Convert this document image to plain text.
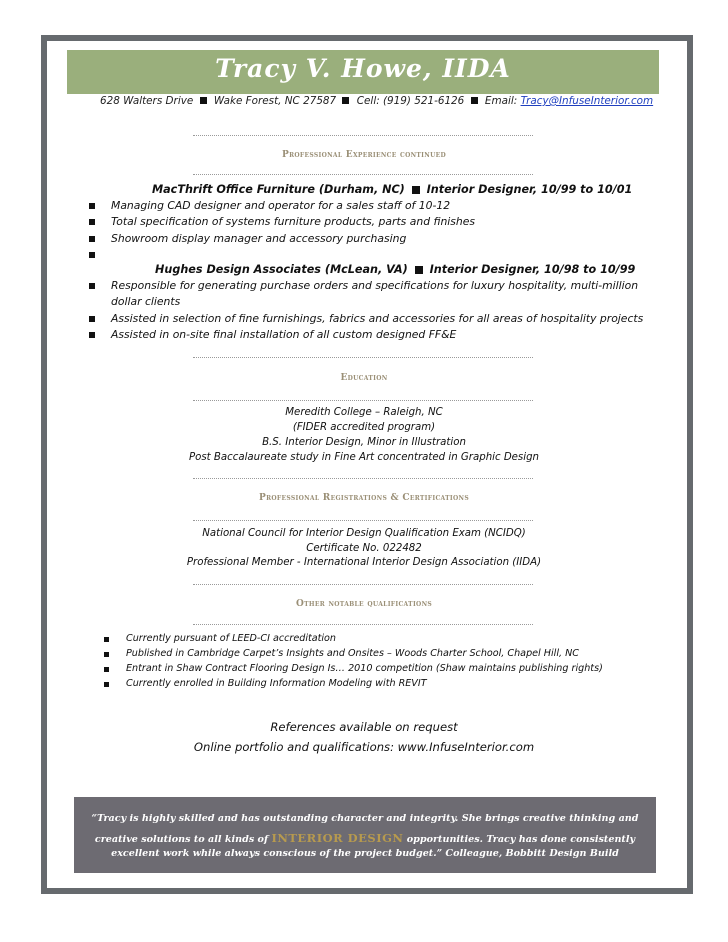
Tracy V. Howe, IIDA
628 Walters Drive Wake Forest, NC 27587 Cell: (919) 521-6126 Email: Tracy@InfuseInterior.com
Professional Experience continued
MacThrift Office Furniture (Durham, NC) Interior Designer, 10/99 to 10/01
Managing CAD designer and operator for a sales staff of 10-12
Total specification of systems furniture products, parts and finishes
Showroom display manager and accessory purchasing
Hughes Design Associates (McLean, VA) Interior Designer, 10/98 to 10/99
Responsible for generating purchase orders and specifications for luxury hospitality, multi-million dollar clients
Assisted in selection of fine furnishings, fabrics and accessories for all areas of hospitality projects
Assisted in on-site final installation of all custom designed FF&E
Education
Meredith College – Raleigh, NC
(FIDER accredited program)
B.S. Interior Design, Minor in Illustration
Post Baccalaureate study in Fine Art concentrated in Graphic Design
Professional Registrations & Certifications
National Council for Interior Design Qualification Exam (NCIDQ)
Certificate No. 022482
Professional Member - International Interior Design Association (IIDA)
Other notable qualifications
Currently pursuant of LEED-CI accreditation
Published in Cambridge Carpet’s Insights and Onsites – Woods Charter School, Chapel Hill, NC
Entrant in Shaw Contract Flooring Design Is… 2010 competition (Shaw maintains publishing rights)
Currently enrolled in Building Information Modeling with REVIT
References available on request
Online portfolio and qualifications: www.InfuseInterior.com
“Tracy is highly skilled and has outstanding character and integrity. She brings creative thinking and
creative solutions to all kinds of INTERIOR DESIGN opportunities. Tracy has done consistently
excellent work while always conscious of the project budget.” Colleague, Bobbitt Design Build
